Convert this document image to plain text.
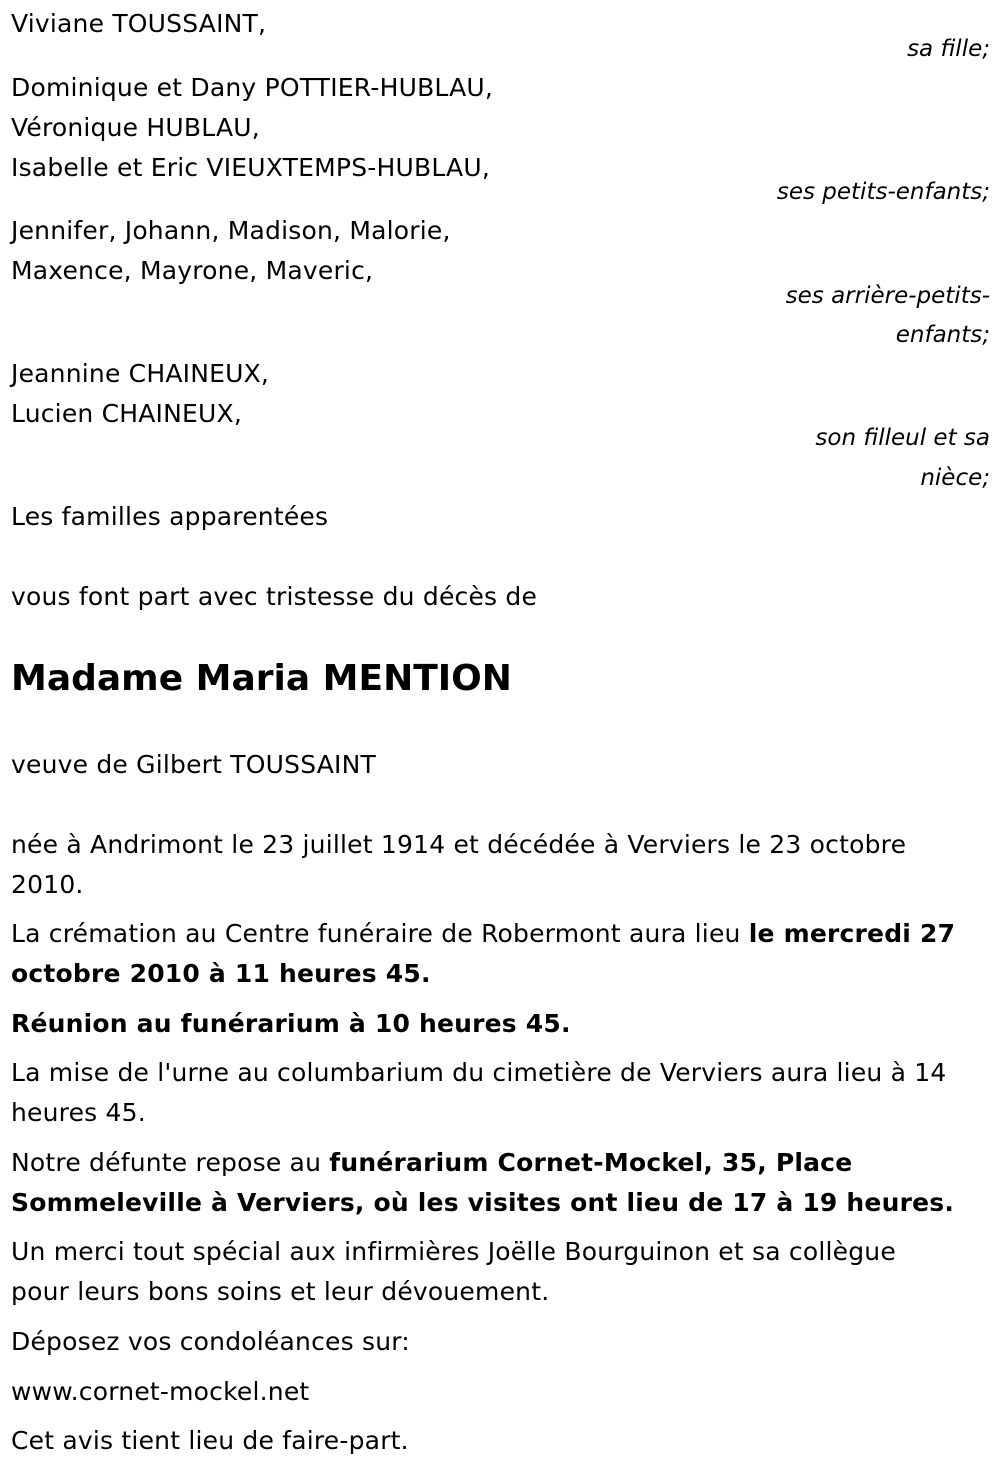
Viviane TOUSSAINT,
sa fille;
Dominique et Dany POTTIER-HUBLAU,
Véronique HUBLAU,
Isabelle et Eric VIEUXTEMPS-HUBLAU,
ses petits-enfants;
Jennifer, Johann, Madison, Malorie,
Maxence, Mayrone, Maveric,
ses arrière-petits-
enfants;
Jeannine CHAINEUX,
Lucien CHAINEUX,
son filleul et sa
nièce;
Les familles apparentées
vous font part avec tristesse du décès de
Madame Maria MENTION
veuve de Gilbert TOUSSAINT
née à Andrimont le 23 juillet 1914 et décédée à Verviers le 23 octobre
2010.
La crémation au Centre funéraire de Robermont aura lieu le mercredi 27
octobre 2010 à 11 heures 45.
Réunion au funérarium à 10 heures 45.
La mise de l'urne au columbarium du cimetière de Verviers aura lieu à 14
heures 45.
Notre défunte repose au funérarium Cornet-Mockel, 35, Place
Sommeleville à Verviers, où les visites ont lieu de 17 à 19 heures.
Un merci tout spécial aux infirmières Joëlle Bourguinon et sa collègue
pour leurs bons soins et leur dévouement.
Déposez vos condoléances sur:
www.cornet-mockel.net
Cet avis tient lieu de faire-part.
